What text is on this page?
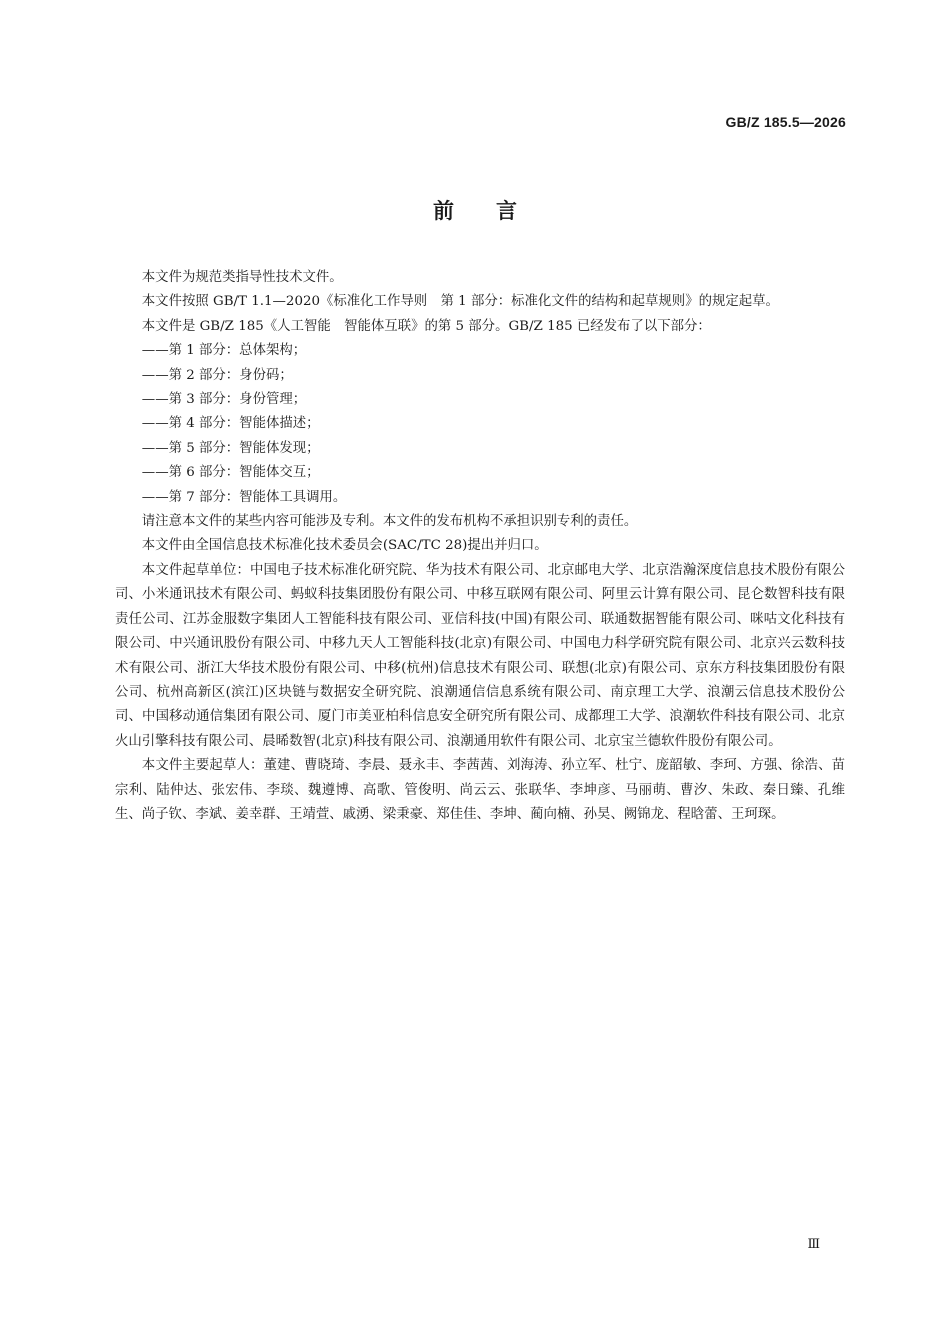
GB/Z 185.5—2026
前言

本文件为规范类指导性技术文件。

本文件按照 GB/T 1.1—2020《标准化工作导则　第 1 部分：标准化文件的结构和起草规则》的规定起草。

本文件是 GB/Z 185《人工智能　智能体互联》的第 5 部分。GB/Z 185 已经发布了以下部分：

——第 1 部分：总体架构；

——第 2 部分：身份码；

——第 3 部分：身份管理；

——第 4 部分：智能体描述；

——第 5 部分：智能体发现；

——第 6 部分：智能体交互；

——第 7 部分：智能体工具调用。

请注意本文件的某些内容可能涉及专利。本文件的发布机构不承担识别专利的责任。

本文件由全国信息技术标准化技术委员会(SAC/TC 28)提出并归口。

本文件起草单位：中国电子技术标准化研究院、华为技术有限公司、北京邮电大学、北京浩瀚深度信息技术股份有限公司、小米通讯技术有限公司、蚂蚁科技集团股份有限公司、中移互联网有限公司、阿里云计算有限公司、昆仑数智科技有限责任公司、江苏金服数字集团人工智能科技有限公司、亚信科技(中国)有限公司、联通数据智能有限公司、咪咕文化科技有限公司、中兴通讯股份有限公司、中移九天人工智能科技(北京)有限公司、中国电力科学研究院有限公司、北京兴云数科技术有限公司、浙江大华技术股份有限公司、中移(杭州)信息技术有限公司、联想(北京)有限公司、京东方科技集团股份有限公司、杭州高新区(滨江)区块链与数据安全研究院、浪潮通信信息系统有限公司、南京理工大学、浪潮云信息技术股份公司、中国移动通信集团有限公司、厦门市美亚柏科信息安全研究所有限公司、成都理工大学、浪潮软件科技有限公司、北京火山引擎科技有限公司、晨晞数智(北京)科技有限公司、浪潮通用软件有限公司、北京宝兰德软件股份有限公司。

本文件主要起草人：董建、曹晓琦、李晨、聂永丰、李茜茜、刘海涛、孙立军、杜宁、庞韶敏、李珂、方强、徐浩、苗宗利、陆仲达、张宏伟、李琰、魏遵博、高歌、管俊明、尚云云、张联华、李坤彦、马丽萌、曹汐、朱政、秦日臻、孔维生、尚子钦、李斌、姜幸群、王靖萱、戚湧、梁秉豪、郑佳佳、李坤、蔺向楠、孙昊、阙锦龙、程晗蕾、王珂琛。

Ⅲ
